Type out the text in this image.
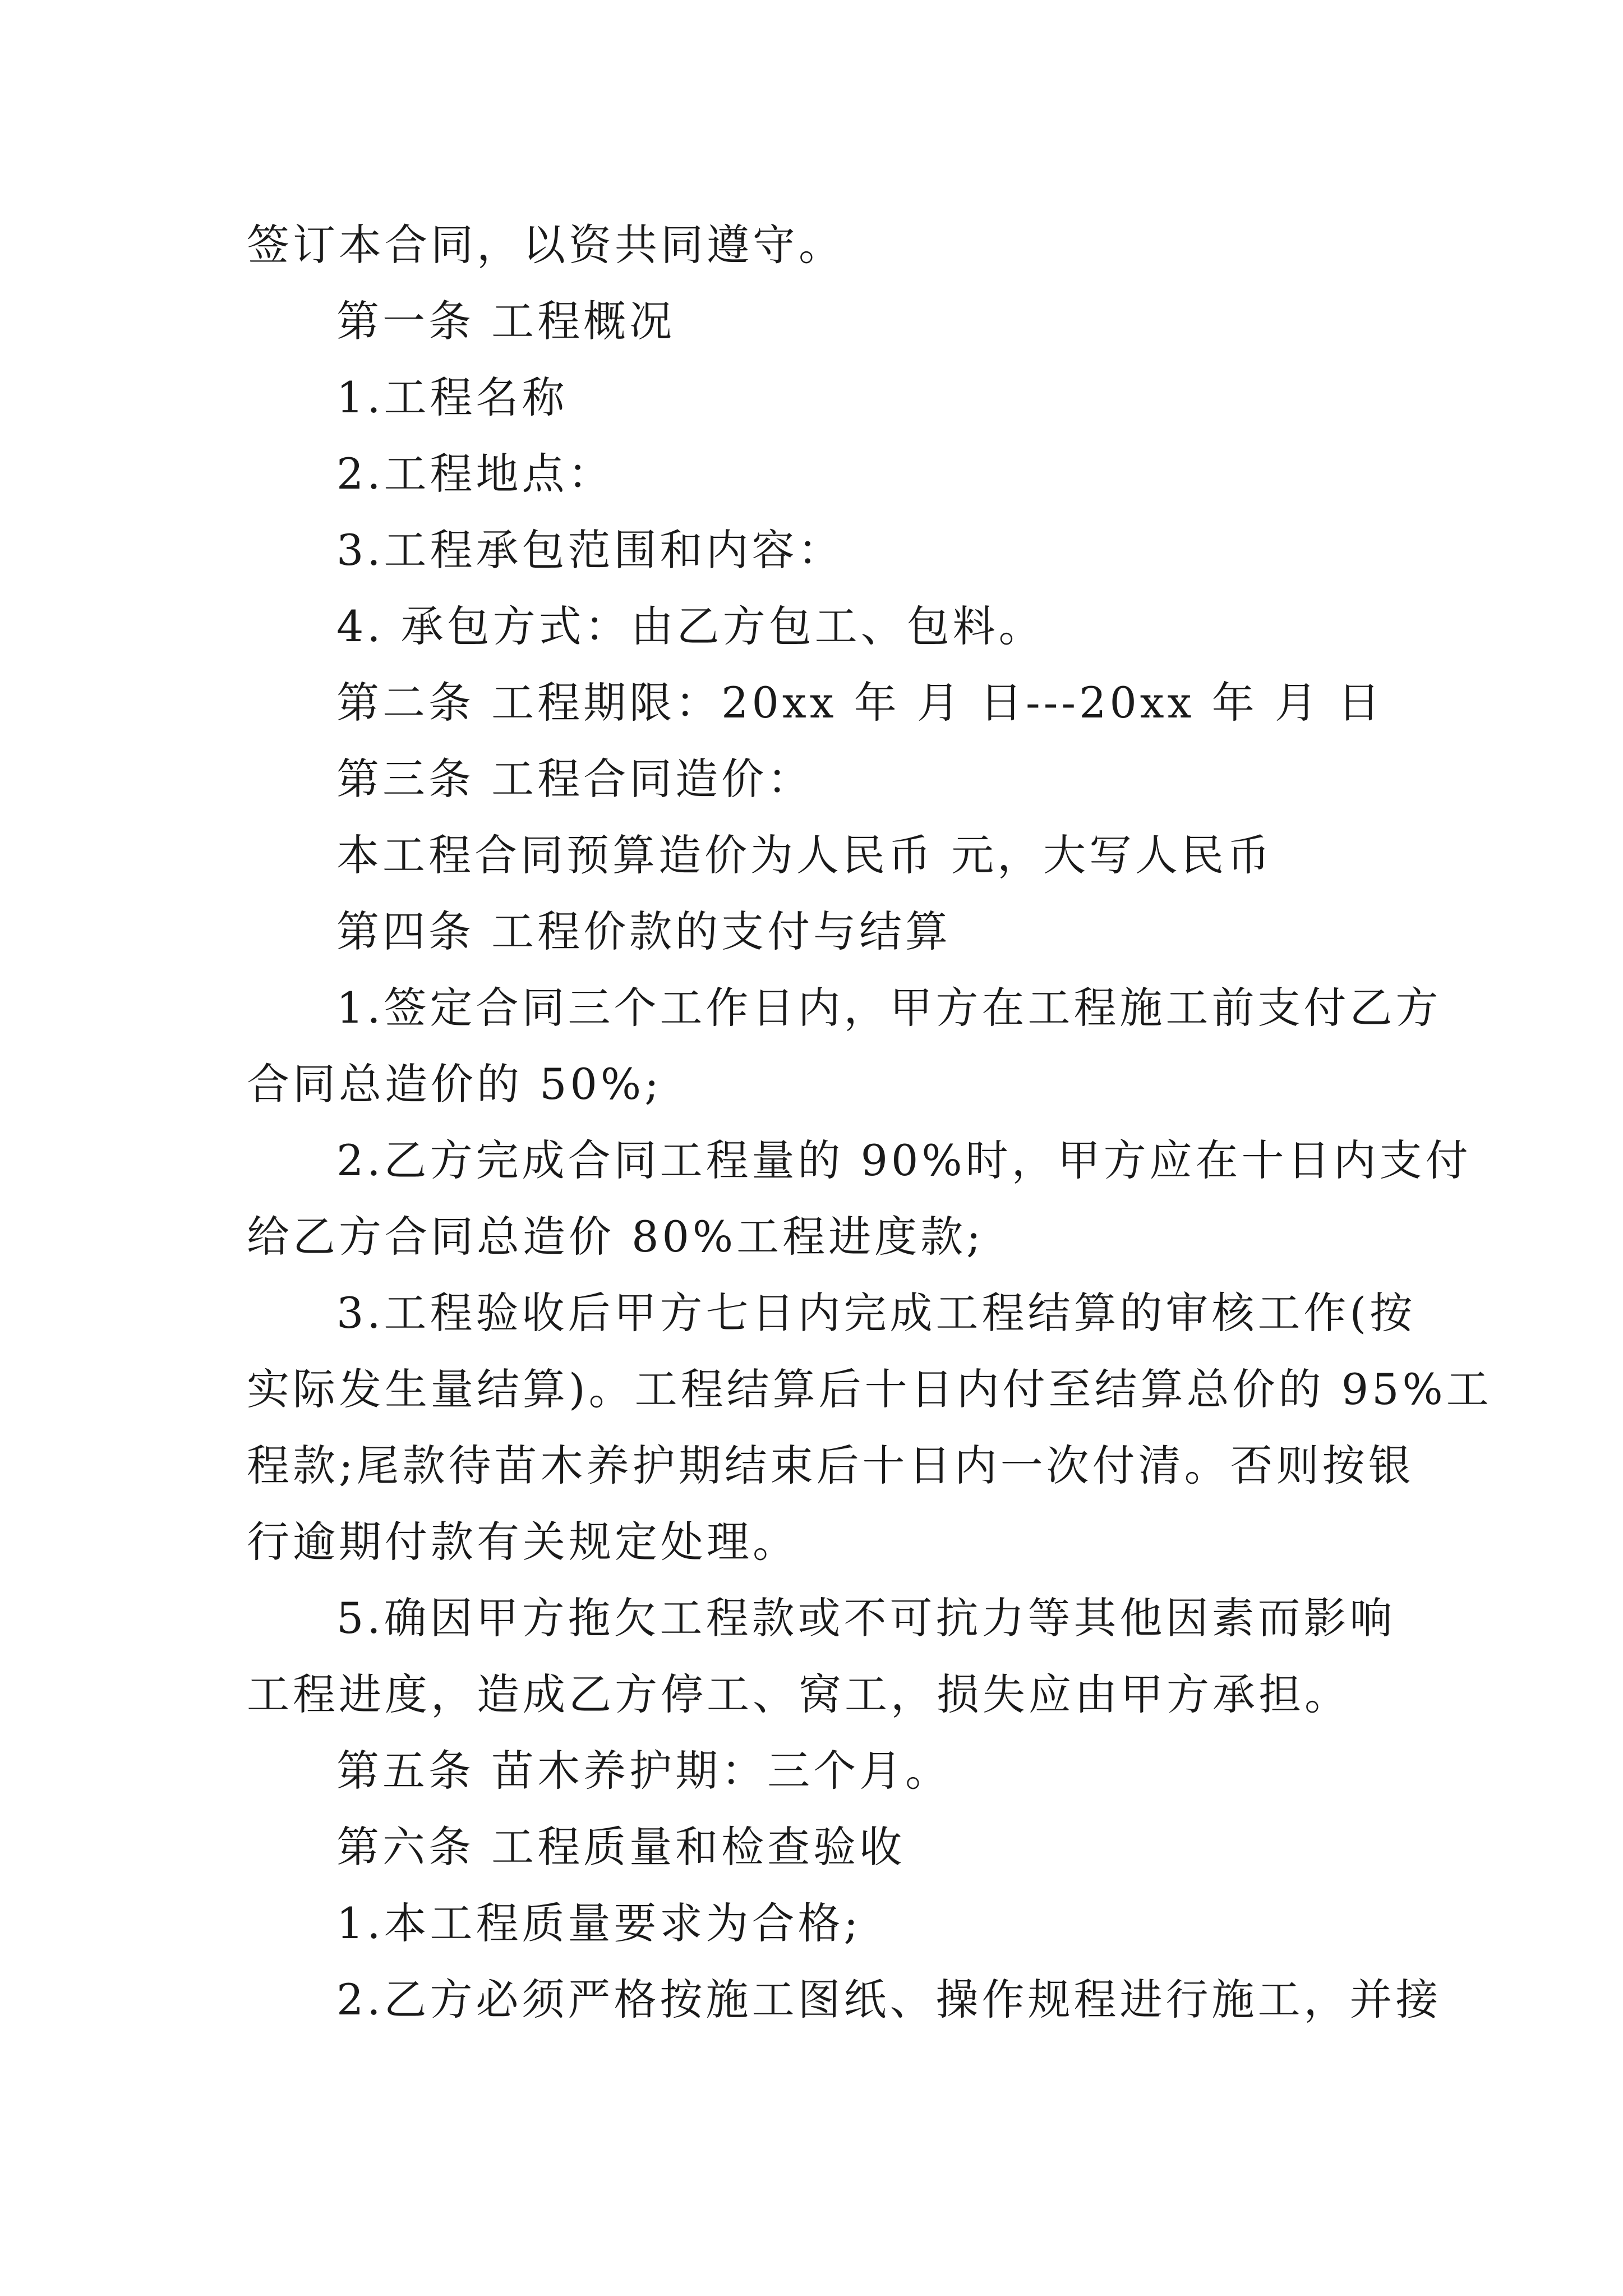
签订本合同，以资共同遵守。
第一条 工程概况
1.工程名称
2.工程地点：
3.工程承包范围和内容：
4. 承包方式：由乙方包工、包料。
第二条 工程期限：20xx 年 月 日---20xx 年 月 日
第三条 工程合同造价：
本工程合同预算造价为人民币 元，大写人民币
第四条 工程价款的支付与结算
1.签定合同三个工作日内，甲方在工程施工前支付乙方
合同总造价的 50%;
2.乙方完成合同工程量的 90%时，甲方应在十日内支付
给乙方合同总造价 80%工程进度款;
3.工程验收后甲方七日内完成工程结算的审核工作(按
实际发生量结算)。工程结算后十日内付至结算总价的 95%工
程款;尾款待苗木养护期结束后十日内一次付清。否则按银
行逾期付款有关规定处理。
5.确因甲方拖欠工程款或不可抗力等其他因素而影响
工程进度，造成乙方停工、窝工，损失应由甲方承担。
第五条 苗木养护期：三个月。
第六条 工程质量和检查验收
1.本工程质量要求为合格;
2.乙方必须严格按施工图纸、操作规程进行施工，并接
